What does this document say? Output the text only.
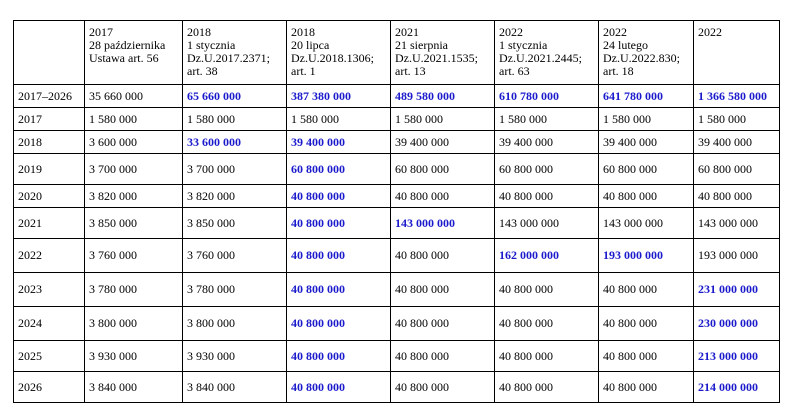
	2017
28 października
Ustawa art. 56	2018
1 stycznia
Dz.U.2017.2371;
art. 38	2018
20 lipca
Dz.U.2018.1306;
art. 1	2021
21 sierpnia
Dz.U.2021.1535;
art. 13	2022
1 stycznia
Dz.U.2021.2445;
art. 63	2022
24 lutego
Dz.U.2022.830;
art. 18	2022

2017–2026	35 660 000	65 660 000	387 380 000	489 580 000	610 780 000	641 780 000	1 366 580 000
2017	1 580 000	1 580 000	1 580 000	1 580 000	1 580 000	1 580 000	1 580 000
2018	3 600 000	33 600 000	39 400 000	39 400 000	39 400 000	39 400 000	39 400 000
2019	3 700 000	3 700 000	60 800 000	60 800 000	60 800 000	60 800 000	60 800 000
2020	3 820 000	3 820 000	40 800 000	40 800 000	40 800 000	40 800 000	40 800 000
2021	3 850 000	3 850 000	40 800 000	143 000 000	143 000 000	143 000 000	143 000 000
2022	3 760 000	3 760 000	40 800 000	40 800 000	162 000 000	193 000 000	193 000 000
2023	3 780 000	3 780 000	40 800 000	40 800 000	40 800 000	40 800 000	231 000 000
2024	3 800 000	3 800 000	40 800 000	40 800 000	40 800 000	40 800 000	230 000 000
2025	3 930 000	3 930 000	40 800 000	40 800 000	40 800 000	40 800 000	213 000 000
2026	3 840 000	3 840 000	40 800 000	40 800 000	40 800 000	40 800 000	214 000 000
